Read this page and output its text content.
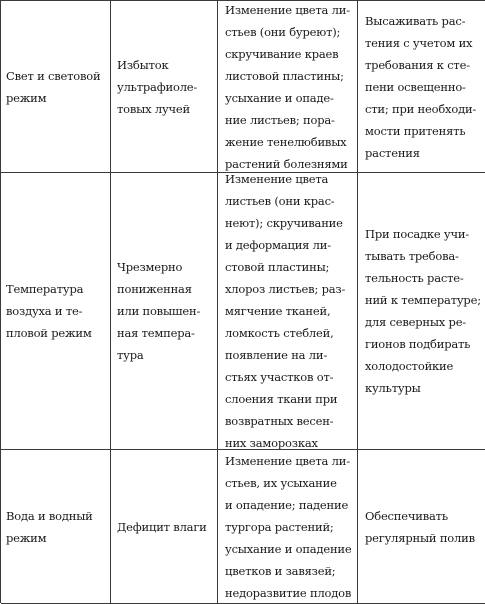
Свет и световой
режим
Избыток
ультрафиоле-
товых лучей
Изменение цвета ли-
стьев (они буреют);
скручивание краев
листовой пластины;
усыхание и опаде-
ние листьев; пора-
жение тенелюбивых
растений болезнями
Высаживать рас-
тения с учетом их
требования к сте-
пени освещенно-
сти; при необходи-
мости притенять
растения
Температура
воздуха и те-
пловой режим
Чрезмерно
пониженная
или повышен-
ная темпера-
тура
Изменение цвета
листьев (они крас-
неют); скручивание
и деформация ли-
стовой пластины;
хлороз листьев; раз-
мягчение тканей,
ломкость стеблей,
появление на ли-
стьях участков от-
слоения ткани при
возвратных весен-
них заморозках
При посадке учи-
тывать требова-
тельность расте-
ний к температуре;
для северных ре-
гионов подбирать
холодостойкие
культуры
Вода и водный
режим
Дефицит влаги
Изменение цвета ли-
стьев, их усыхание
и опадение; падение
тургора растений;
усыхание и опадение
цветков и завязей;
недоразвитие плодов
Обеспечивать
регулярный полив
